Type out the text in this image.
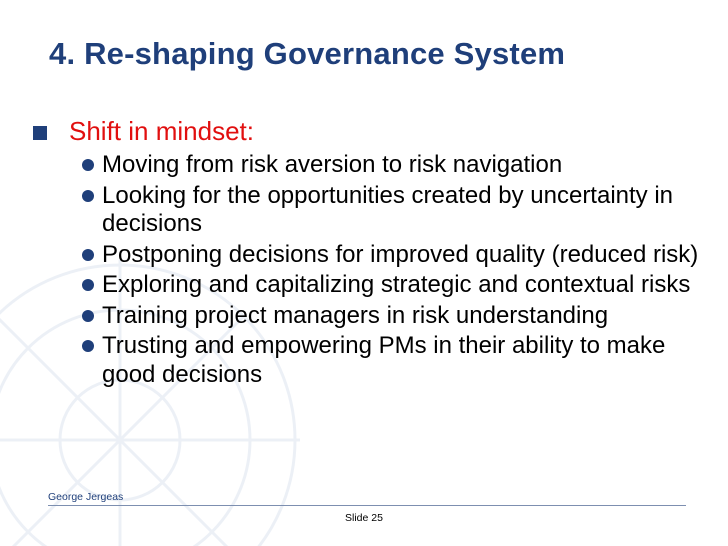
4. Re-shaping Governance System
Shift in mindset:
Moving from risk aversion to risk navigation
Looking for the opportunities created by uncertainty in decisions
Postponing decisions for improved quality (reduced risk)
Exploring and capitalizing strategic and contextual risks
Training project managers in risk understanding
Trusting and empowering PMs in their ability to make good decisions
George Jergeas
Slide 25
